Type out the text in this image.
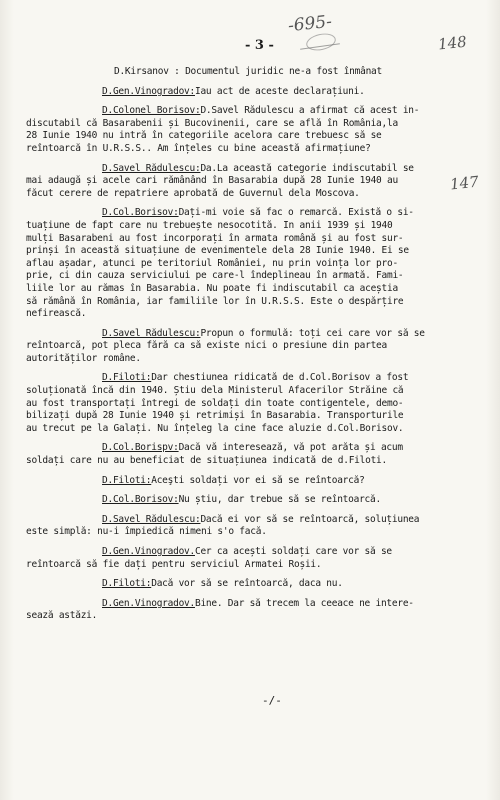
-695-
148
147
- 3 -
D.Kirsanov : Documentul juridic ne-a fost înmânat
D.Gen.Vinogradov:Iau act de aceste declarațiuni.
D.Colonel Borisov:D.Savel Rădulescu a afirmat că acest in-
discutabil că Basarabenii și Bucovinenii, care se află în România,la
28 Iunie 1940 nu intră în categoriile acelora care trebuesc să se
reîntoarcă în U.R.S.S.. Am înțeles cu bine această afirmațiune?
D.Savel Rădulescu:Da.La această categorie indiscutabil se
mai adaugă și acele cari rămânând în Basarabia după 28 Iunie 1940 au
făcut cerere de repatriere aprobată de Guvernul dela Moscova.
D.Col.Borisov:Dați-mi voie să fac o remarcă. Există o si-
tuațiune de fapt care nu trebuește nesocotită. In anii 1939 și 1940
mulți Basarabeni au fost incorporați în armata română și au fost sur-
prinși în această situațiune de evenimentele dela 28 Iunie 1940. Ei se
aflau așadar, atunci pe teritoriul României, nu prin voința lor pro-
prie, ci din cauza serviciului pe care-l îndeplineau în armată. Fami-
liile lor au rămas în Basarabia. Nu poate fi indiscutabil ca aceștia
să rămână în România, iar familiile lor în U.R.S.S. Este o despărțire
nefirească.
D.Savel Rădulescu:Propun o formulă: toți cei care vor să se
reîntoarcă, pot pleca fără ca să existe nici o presiune din partea
autorităților române.
D.Filoti:Dar chestiunea ridicată de d.Col.Borisov a fost
soluționată încă din 1940. Știu dela Ministerul Afacerilor Străine că
au fost transportați întregi de soldați din toate contigentele, demo-
bilizați după 28 Iunie 1940 și retrimiși în Basarabia. Transporturile
au trecut pe la Galați. Nu înțeleg la cine face aluzie d.Col.Borisov.
D.Col.Borispv:Dacă vă interesează, vă pot arăta și acum
soldați care nu au beneficiat de situațiunea indicată de d.Filoti.
D.Filoti:Aceşti soldați vor ei să se reîntoarcă?
D.Col.Borisov:Nu știu, dar trebue să se reîntoarcă.
D.Savel Rădulescu:Dacă ei vor să se reîntoarcă, soluțiunea
este simplă: nu-i împiedică nimeni s'o facă.
D.Gen.Vinogradov.Cer ca acești soldați care vor să se
reîntoarcă să fie dați pentru serviciul Armatei Roșii.
D.Filoti:Dacă vor să se reîntoarcă, daca nu.
D.Gen.Vinogradov.Bine. Dar să trecem la ceeace ne intere-
sează astăzi.
-/-
